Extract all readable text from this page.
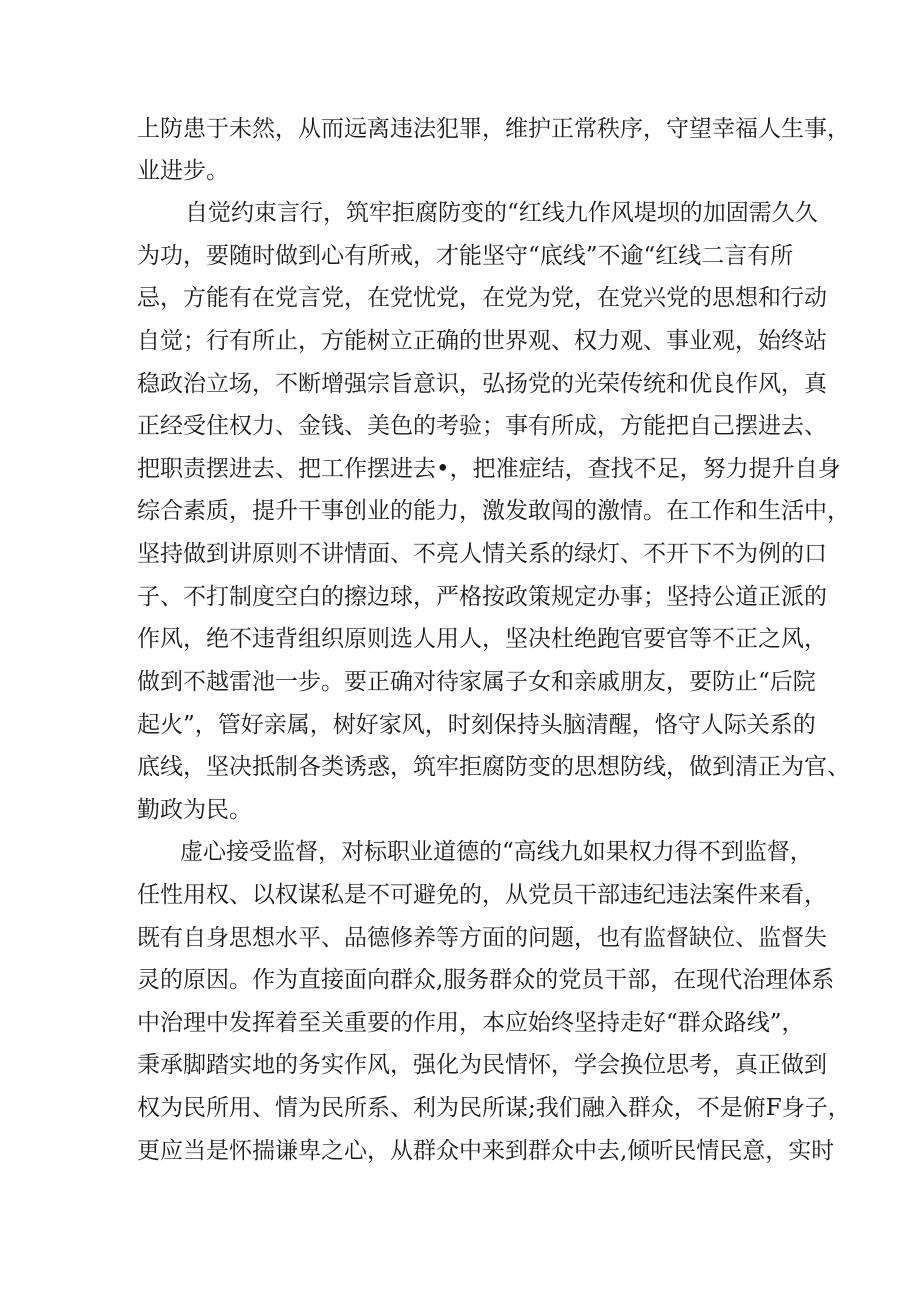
上防患于未然，从而远离违法犯罪，维护正常秩序，守望幸福人生事，
业进步。
自觉约束言行，筑牢拒腐防变的“红线九作风堤坝的加固需久久
为功，要随时做到心有所戒，才能坚守“底线”不逾“红线二言有所
忌，方能有在党言党，在党忧党，在党为党，在党兴党的思想和行动
自觉；行有所止，方能树立正确的世界观、权力观、事业观，始终站
稳政治立场，不断增强宗旨意识，弘扬党的光荣传统和优良作风，真
正经受住权力、金钱、美色的考验；事有所成，方能把自己摆进去、
把职责摆进去、把工作摆进去•，把准症结，查找不足，努力提升自身
综合素质，提升干事创业的能力，激发敢闯的激情。在工作和生活中，
坚持做到讲原则不讲情面、不亮人情关系的绿灯、不开下不为例的口
子、不打制度空白的擦边球，严格按政策规定办事；坚持公道正派的
作风，绝不违背组织原则选人用人，坚决杜绝跑官要官等不正之风，
做到不越雷池一步。要正确对待家属子女和亲戚朋友，要防止“后院
起火”，管好亲属，树好家风，时刻保持头脑清醒，恪守人际关系的
底线，坚决抵制各类诱惑，筑牢拒腐防变的思想防线，做到清正为官、
勤政为民。
虚心接受监督，对标职业道德的“高线九如果权力得不到监督，
任性用权、以权谋私是不可避免的，从党员干部违纪违法案件来看，
既有自身思想水平、品德修养等方面的问题，也有监督缺位、监督失
灵的原因。作为直接面向群众,服务群众的党员干部，在现代治理体系
中治理中发挥着至关重要的作用，本应始终坚持走好“群众路线”，
秉承脚踏实地的务实作风，强化为民情怀，学会换位思考，真正做到
权为民所用、情为民所系、利为民所谋;我们融入群众，不是俯F身子，
更应当是怀揣谦卑之心，从群众中来到群众中去,倾听民情民意，实时
